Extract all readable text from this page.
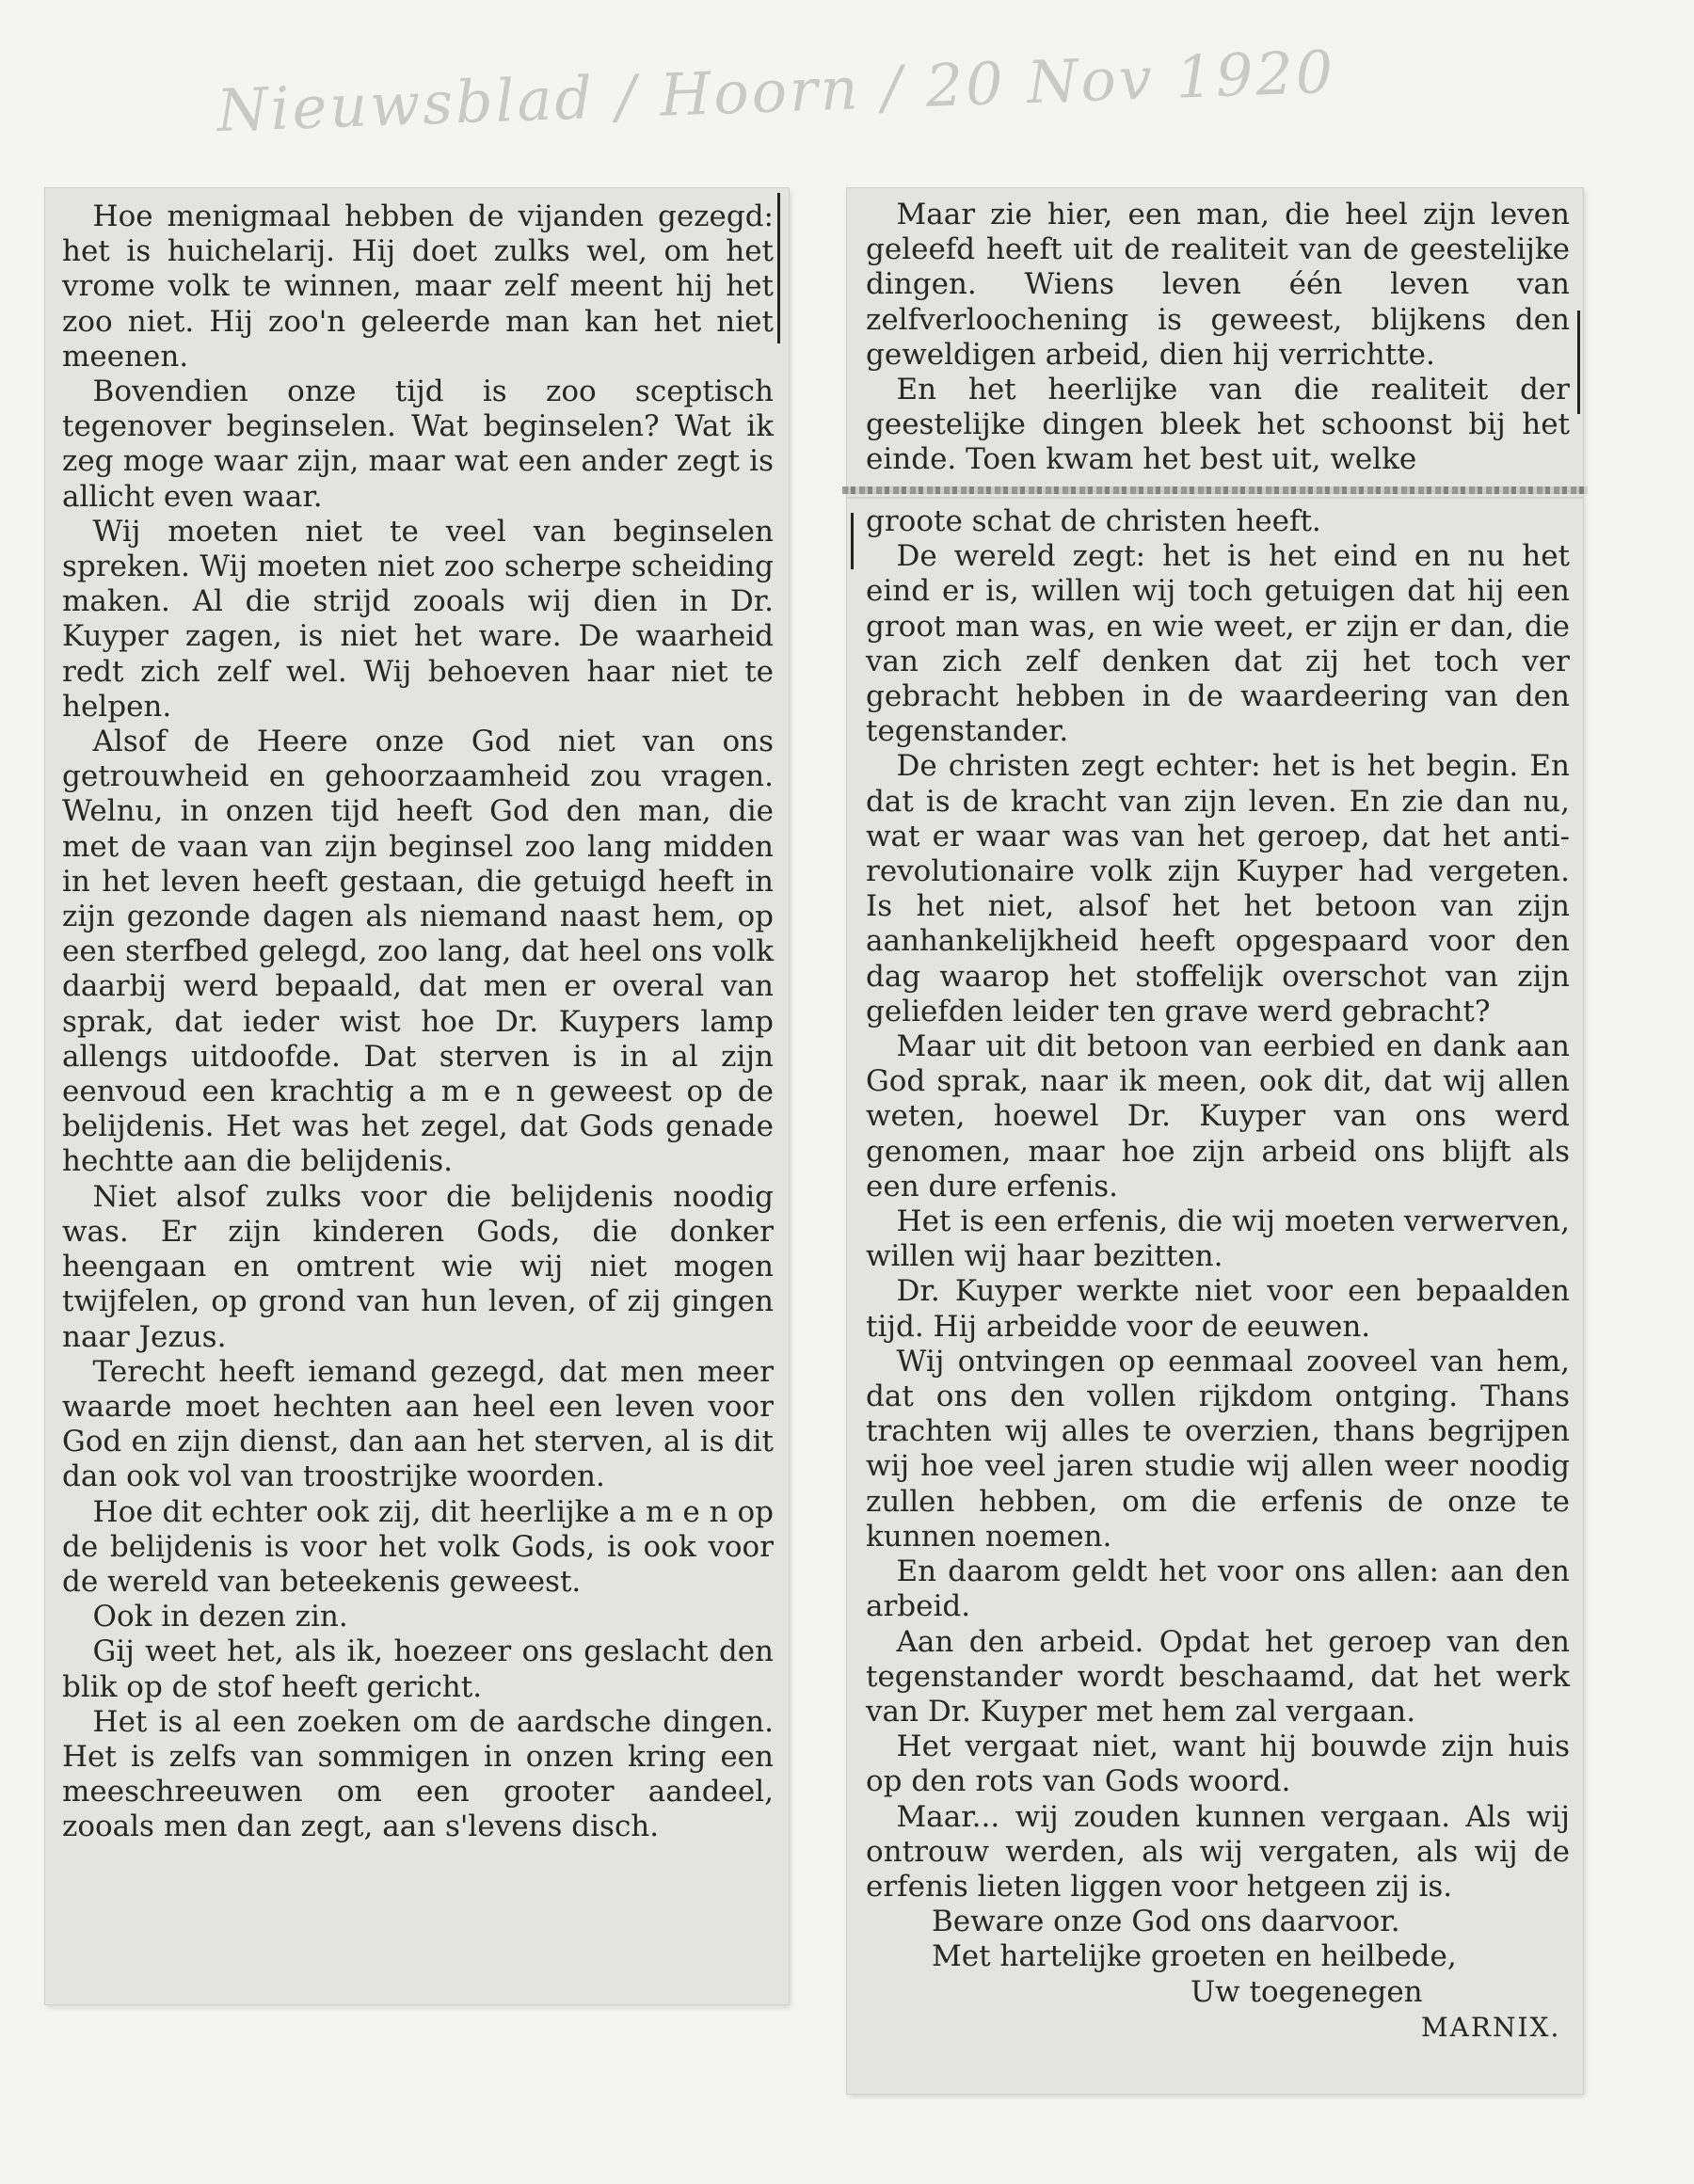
Nieuwsblad / Hoorn / 20 Nov 1920

Hoe menigmaal hebben de vijanden gezegd: het is huichelarij. Hij doet zulks wel, om het vrome volk te winnen, maar zelf meent hij het zoo niet. Hij zoo'n geleerde man kan het niet meenen.

Bovendien onze tijd is zoo sceptisch tegenover beginselen. Wat beginselen? Wat ik zeg moge waar zijn, maar wat een ander zegt is allicht even waar.

Wij moeten niet te veel van beginselen spreken. Wij moeten niet zoo scherpe scheiding maken. Al die strijd zooals wij dien in Dr. Kuyper zagen, is niet het ware. De waarheid redt zich zelf wel. Wij behoeven haar niet te helpen.

Alsof de Heere onze God niet van ons getrouwheid en gehoorzaamheid zou vragen. Welnu, in onzen tijd heeft God den man, die met de vaan van zijn beginsel zoo lang midden in het leven heeft gestaan, die getuigd heeft in zijn gezonde dagen als niemand naast hem, op een sterfbed gelegd, zoo lang, dat heel ons volk daarbij werd bepaald, dat men er overal van sprak, dat ieder wist hoe Dr. Kuypers lamp allengs uitdoofde. Dat sterven is in al zijn eenvoud een krachtig a m e n geweest op de belijdenis. Het was het zegel, dat Gods genade hechtte aan die belijdenis.

Niet alsof zulks voor die belijdenis noodig was. Er zijn kinderen Gods, die donker heengaan en omtrent wie wij niet mogen twijfelen, op grond van hun leven, of zij gingen naar Jezus.

Terecht heeft iemand gezegd, dat men meer waarde moet hechten aan heel een leven voor God en zijn dienst, dan aan het sterven, al is dit dan ook vol van troostrijke woorden.

Hoe dit echter ook zij, dit heerlijke a m e n op de belijdenis is voor het volk Gods, is ook voor de wereld van beteekenis geweest.

Ook in dezen zin.

Gij weet het, als ik, hoezeer ons geslacht den blik op de stof heeft gericht.

Het is al een zoeken om de aardsche dingen. Het is zelfs van sommigen in onzen kring een meeschreeuwen om een grooter aandeel, zooals men dan zegt, aan s'levens disch.

Maar zie hier, een man, die heel zijn leven geleefd heeft uit de realiteit van de geestelijke dingen. Wiens leven één leven van zelfverloochening is geweest, blijkens den geweldigen arbeid, dien hij verrichtte.

En het heerlijke van die realiteit der geestelijke dingen bleek het schoonst bij het einde. Toen kwam het best uit, welke

groote schat de christen heeft.

De wereld zegt: het is het eind en nu het eind er is, willen wij toch getuigen dat hij een groot man was, en wie weet, er zijn er dan, die van zich zelf denken dat zij het toch ver gebracht hebben in de waardeering van den tegenstander.

De christen zegt echter: het is het begin. En dat is de kracht van zijn leven. En zie dan nu, wat er waar was van het geroep, dat het anti-revolutionaire volk zijn Kuyper had vergeten. Is het niet, alsof het het betoon van zijn aanhankelijkheid heeft opgespaard voor den dag waarop het stoffelijk overschot van zijn geliefden leider ten grave werd gebracht?

Maar uit dit betoon van eerbied en dank aan God sprak, naar ik meen, ook dit, dat wij allen weten, hoewel Dr. Kuyper van ons werd genomen, maar hoe zijn arbeid ons blijft als een dure erfenis.

Het is een erfenis, die wij moeten verwerven, willen wij haar bezitten.

Dr. Kuyper werkte niet voor een bepaalden tijd. Hij arbeidde voor de eeuwen.

Wij ontvingen op eenmaal zooveel van hem, dat ons den vollen rijkdom ontging. Thans trachten wij alles te overzien, thans begrijpen wij hoe veel jaren studie wij allen weer noodig zullen hebben, om die erfenis de onze te kunnen noemen.

En daarom geldt het voor ons allen: aan den arbeid.

Aan den arbeid. Opdat het geroep van den tegenstander wordt beschaamd, dat het werk van Dr. Kuyper met hem zal vergaan.

Het vergaat niet, want hij bouwde zijn huis op den rots van Gods woord.

Maar... wij zouden kunnen vergaan. Als wij ontrouw werden, als wij vergaten, als wij de erfenis lieten liggen voor hetgeen zij is.

Beware onze God ons daarvoor.
Met hartelijke groeten en heilbede,
Uw toegenegen
MARNIX.
